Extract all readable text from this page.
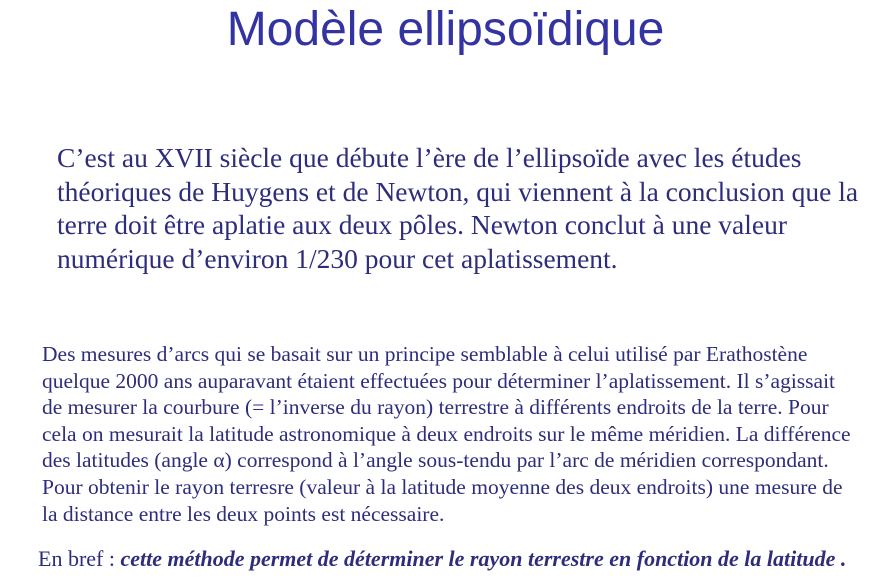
Modèle ellipsoïdique
C’est au XVII siècle que débute l’ère de l’ellipsoïde avec les études
théoriques de Huygens et de Newton, qui viennent à la conclusion que la
terre doit être aplatie aux deux pôles. Newton conclut à une valeur
numérique d’environ 1/230 pour cet aplatissement.
Des mesures d’arcs qui se basait sur un principe semblable à celui utilisé par Erathostène
quelque 2000 ans auparavant étaient effectuées pour déterminer l’aplatissement. Il s’agissait
de mesurer la courbure (= l’inverse du rayon) terrestre à différents endroits de la terre. Pour
cela on mesurait la latitude astronomique à deux endroits sur le même méridien. La différence
des latitudes (angle α) correspond à l’angle sous-tendu par l’arc de méridien correspondant.
Pour obtenir le rayon terresre (valeur à la latitude moyenne des deux endroits) une mesure de
la distance entre les deux points est nécessaire.

En bref : cette méthode permet de déterminer le rayon terrestre en fonction de la latitude .
